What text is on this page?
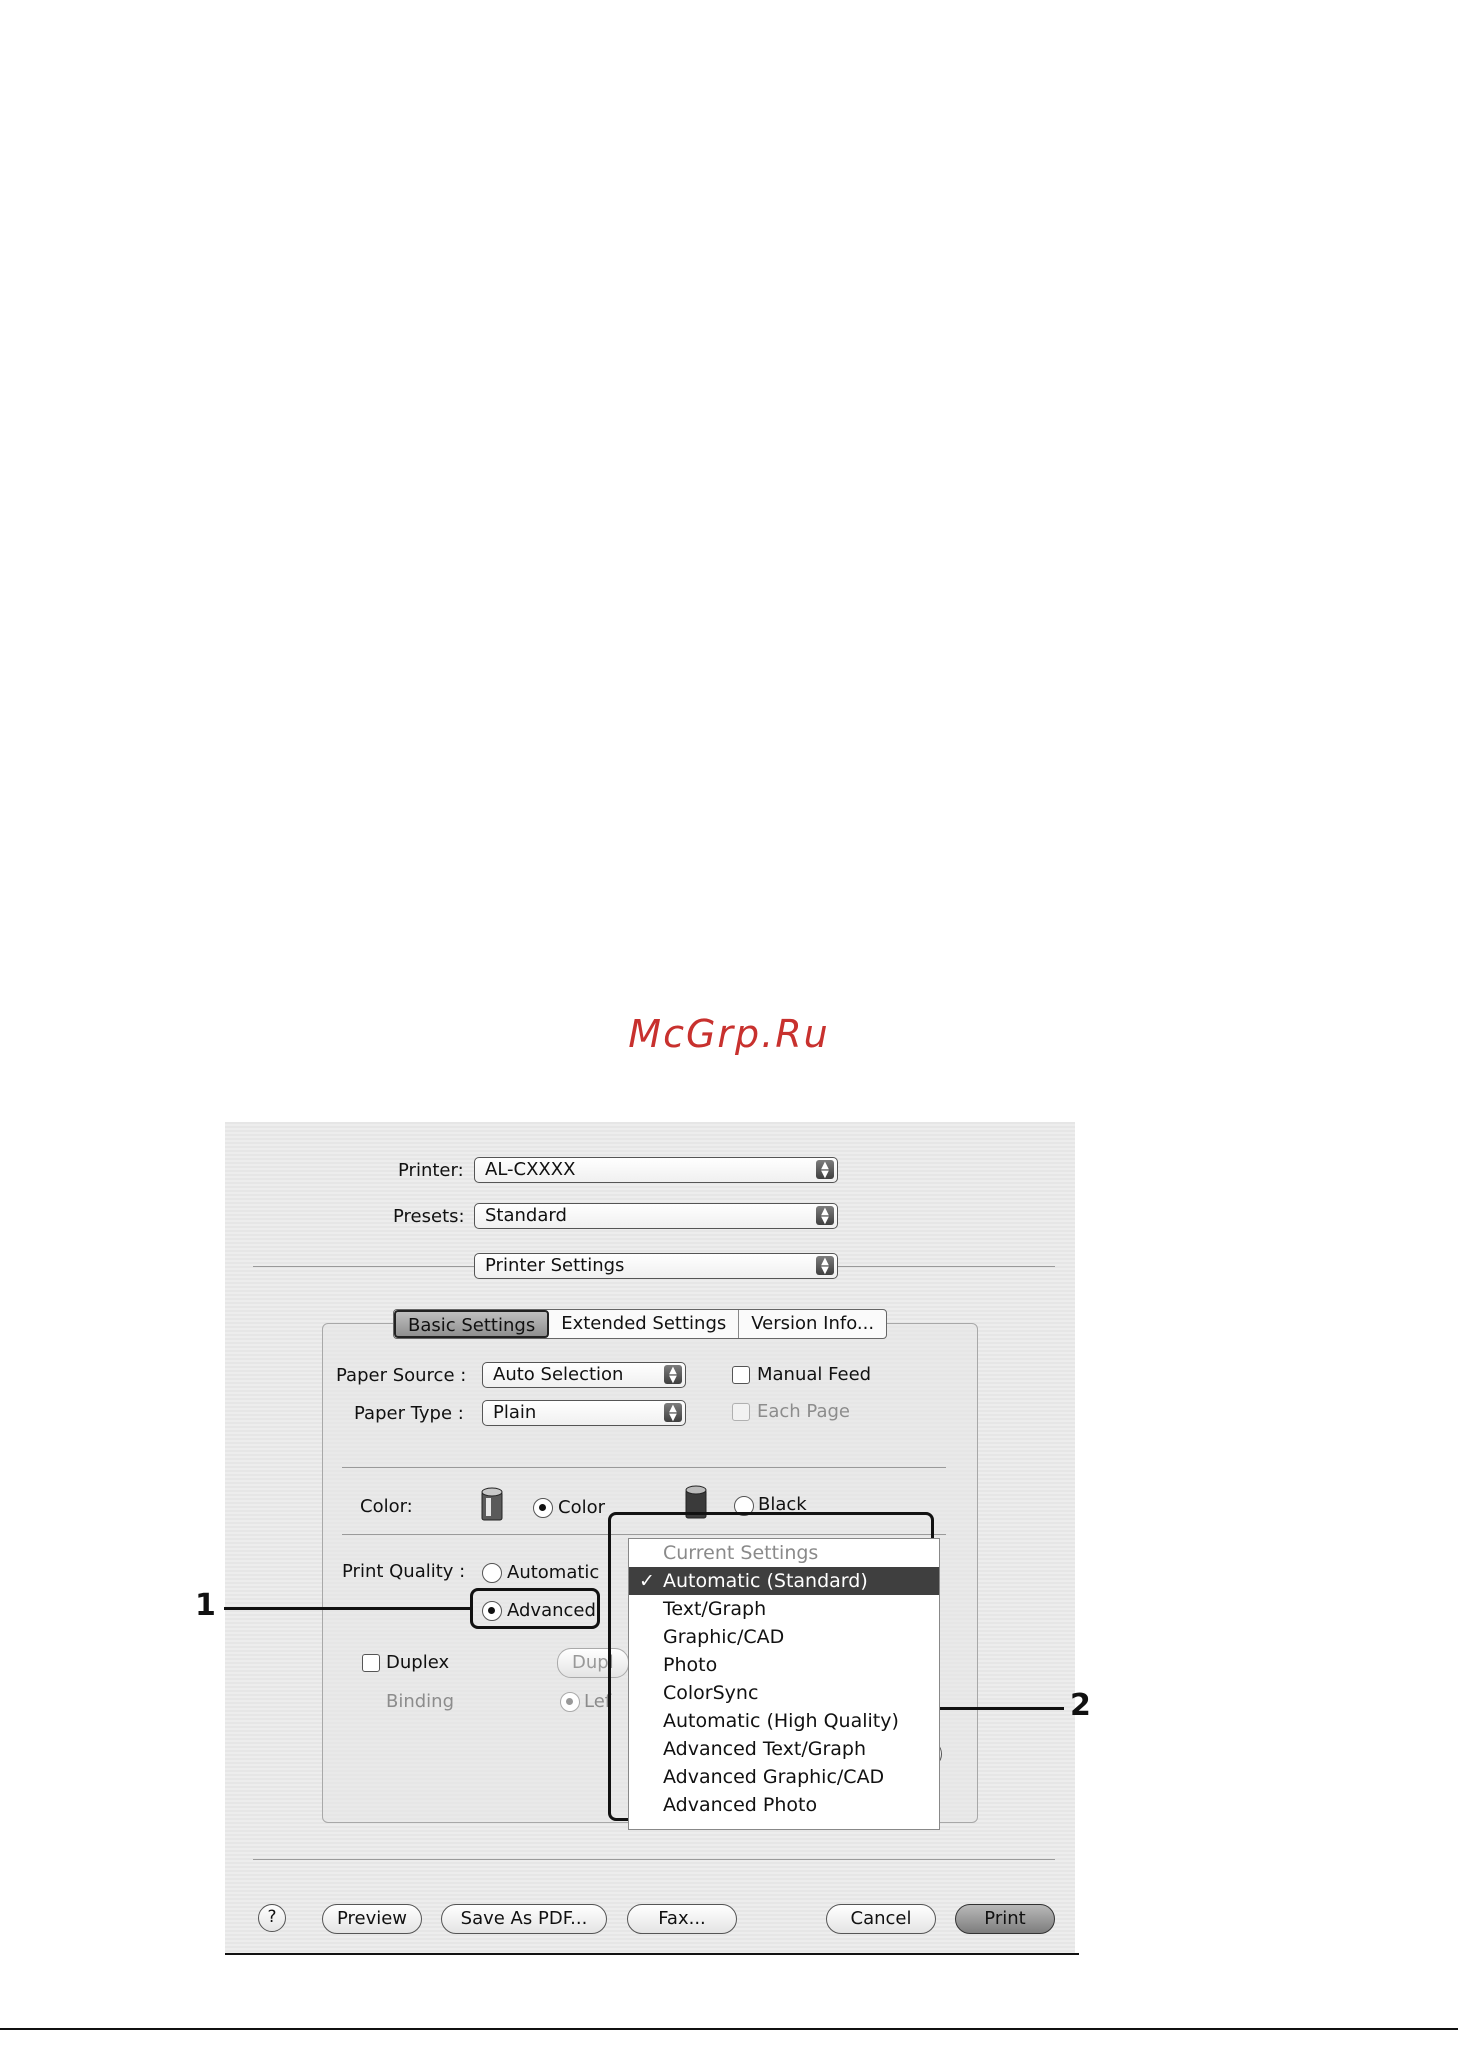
McGrp.Ru
Printer:	AL-CXXXX	▲
▼
Presets:	Standard	▲
▼
Printer Settings	▲
▼
Basic Settings	Extended Settings	Version Info...
Paper Source :	Auto Selection	▲
▼
Paper Type :	Plain	▲
▼
Manual Feed
Each Page
Color:	Color	Black
Print Quality : Automatic
Advanced
1
Duplex	Dupl
Binding	Lef	2
Current Settings
✓ Automatic (Standard)
Text/Graph
Graphic/CAD
Photo
ColorSync
Automatic (High Quality)
Advanced Text/Graph
Advanced Graphic/CAD
Advanced Photo
?	Preview	Save As PDF...	Fax...	Cancel	Print
